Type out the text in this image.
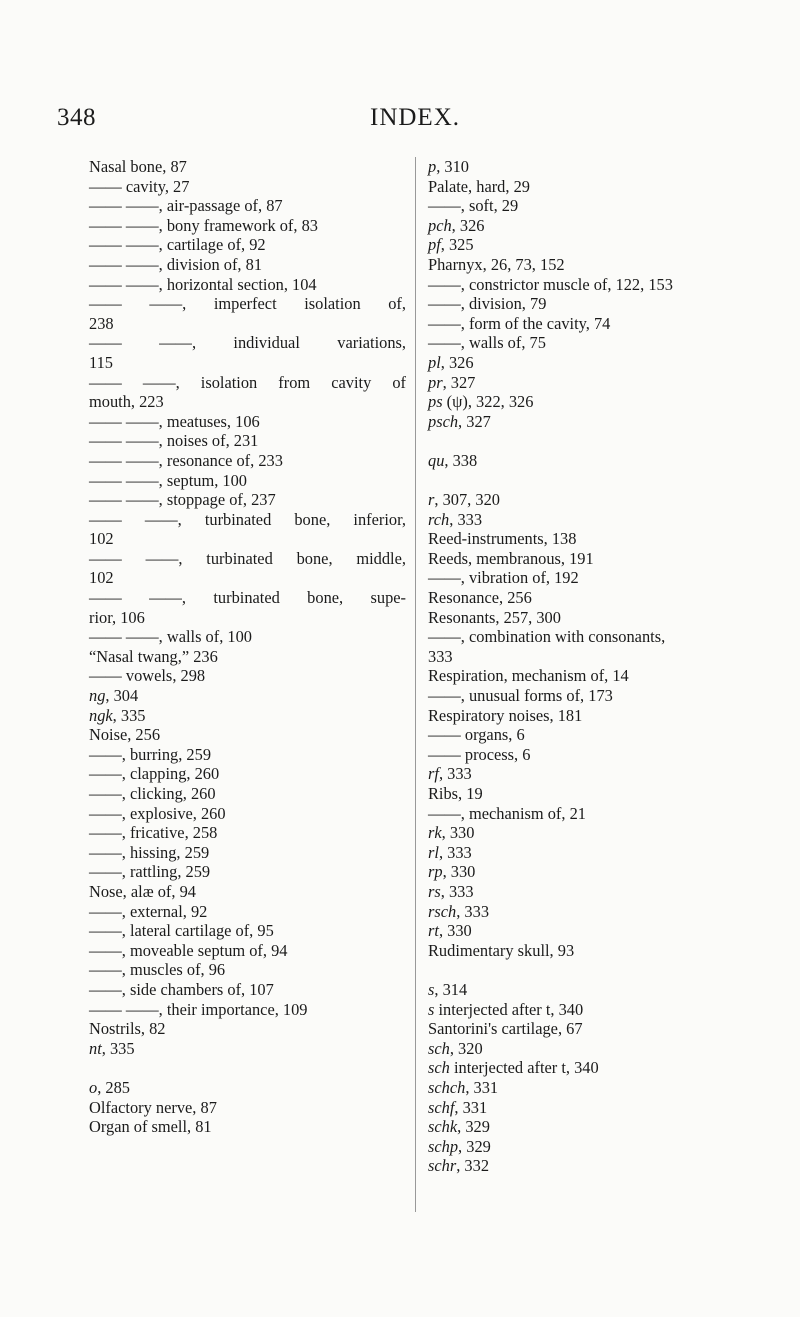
348	INDEX.
Nasal bone, 87
—— cavity, 27
—— ——, air-passage of, 87
—— ——, bony framework of, 83
—— ——, cartilage of, 92
—— ——, division of, 81
—— ——, horizontal section, 104
—— ——, imperfect isolation of,
238
—— ——, individual variations,
115
—— ——, isolation from cavity of
mouth, 223
—— ——, meatuses, 106
—— ——, noises of, 231
—— ——, resonance of, 233
—— ——, septum, 100
—— ——, stoppage of, 237
—— ——, turbinated bone, inferior,
102
—— ——, turbinated bone, middle,
102
—— ——, turbinated bone, supe-
rior, 106
—— ——, walls of, 100
“Nasal twang,” 236
—— vowels, 298
ng, 304
ngk, 335
Noise, 256
——, burring, 259
——, clapping, 260
——, clicking, 260
——, explosive, 260
——, fricative, 258
——, hissing, 259
——, rattling, 259
Nose, alæ of, 94
——, external, 92
——, lateral cartilage of, 95
——, moveable septum of, 94
——, muscles of, 96
——, side chambers of, 107
—— ——, their importance, 109
Nostrils, 82
nt, 335
o, 285
Olfactory nerve, 87
Organ of smell, 81
p, 310
Palate, hard, 29
——, soft, 29
pch, 326
pf, 325
Pharnyx, 26, 73, 152
——, constrictor muscle of, 122, 153
——, division, 79
——, form of the cavity, 74
——, walls of, 75
pl, 326
pr, 327
ps (ψ), 322, 326
psch, 327
qu, 338
r, 307, 320
rch, 333
Reed-instruments, 138
Reeds, membranous, 191
——, vibration of, 192
Resonance, 256
Resonants, 257, 300
——, combination with consonants,
333
Respiration, mechanism of, 14
——, unusual forms of, 173
Respiratory noises, 181
—— organs, 6
—— process, 6
rf, 333
Ribs, 19
——, mechanism of, 21
rk, 330
rl, 333
rp, 330
rs, 333
rsch, 333
rt, 330
Rudimentary skull, 93
s, 314
s interjected after t, 340
Santorini's cartilage, 67
sch, 320
sch interjected after t, 340
schch, 331
schf, 331
schk, 329
schp, 329
schr, 332
